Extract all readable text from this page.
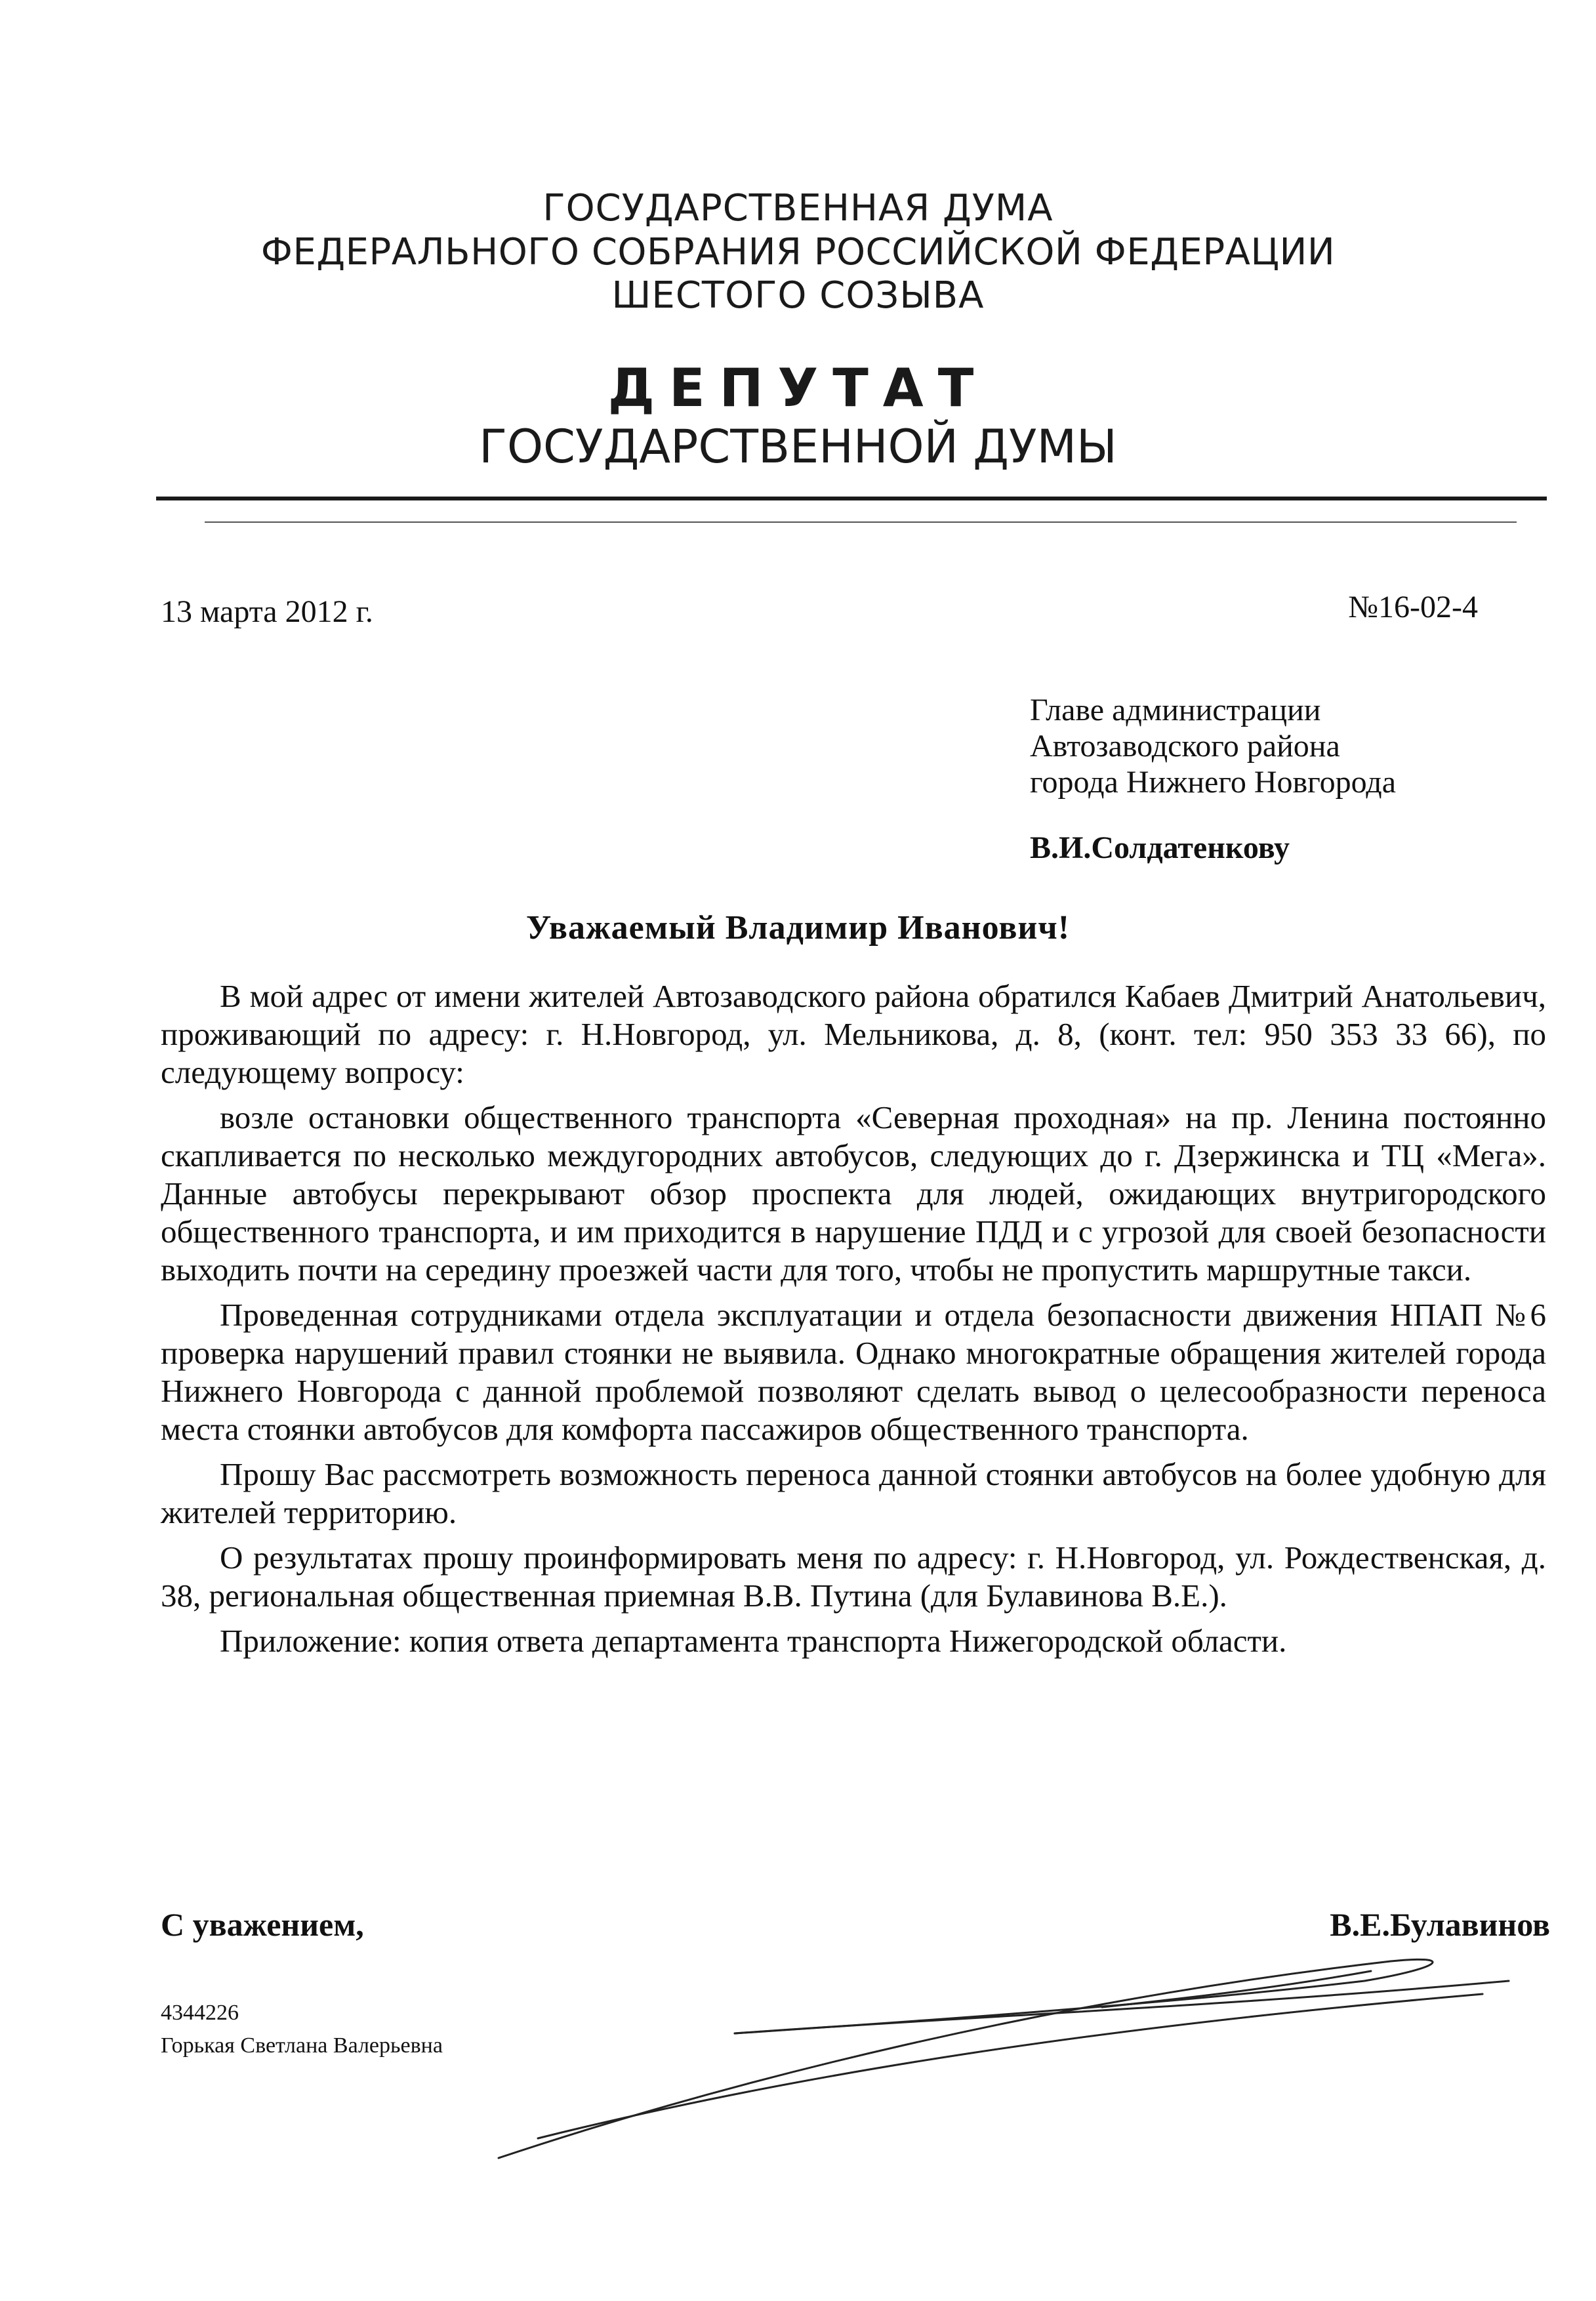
ГОСУДАРСТВЕННАЯ ДУМА
ФЕДЕРАЛЬНОГО СОБРАНИЯ РОССИЙСКОЙ ФЕДЕРАЦИИ
ШЕСТОГО СОЗЫВА
ДЕПУТАТ
ГОСУДАРСТВЕННОЙ ДУМЫ
13 марта 2012 г.	№16-02-4
Главе администрации
Автозаводского района
города Нижнего Новгорода
В.И.Солдатенкову
Уважаемый Владимир Иванович!

В мой адрес от имени жителей Автозаводского района обратился Кабаев Дмитрий Анатольевич, проживающий по адресу: г. Н.Новгород, ул. Мельникова, д. 8, (конт. тел: 950 353 33 66), по следующему вопросу:

возле остановки общественного транспорта «Северная проходная» на пр. Ленина постоянно скапливается по несколько междугородних автобусов, следующих до г. Дзержинска и ТЦ «Мега». Данные автобусы перекрывают обзор проспекта для людей, ожидающих внутригородского общественного транспорта, и им приходится в нарушение ПДД и с угрозой для своей безопасности выходить почти на середину проезжей части для того, чтобы не пропустить маршрутные такси.

Проведенная сотрудниками отдела эксплуатации и отдела безопасности движения НПАП №6 проверка нарушений правил стоянки не выявила. Однако многократные обращения жителей города Нижнего Новгорода с данной проблемой позволяют сделать вывод о целесообразности переноса места стоянки автобусов для комфорта пассажиров общественного транспорта.

Прошу Вас рассмотреть возможность переноса данной стоянки автобусов на более удобную для жителей территорию.

О результатах прошу проинформировать меня по адресу: г. Н.Новгород, ул. Рождественская, д. 38, региональная общественная приемная В.В. Путина (для Булавинова В.Е.).

Приложение: копия ответа департамента транспорта Нижегородской области.

С уважением,	В.Е.Булавинов
4344226
Горькая Светлана Валерьевна
